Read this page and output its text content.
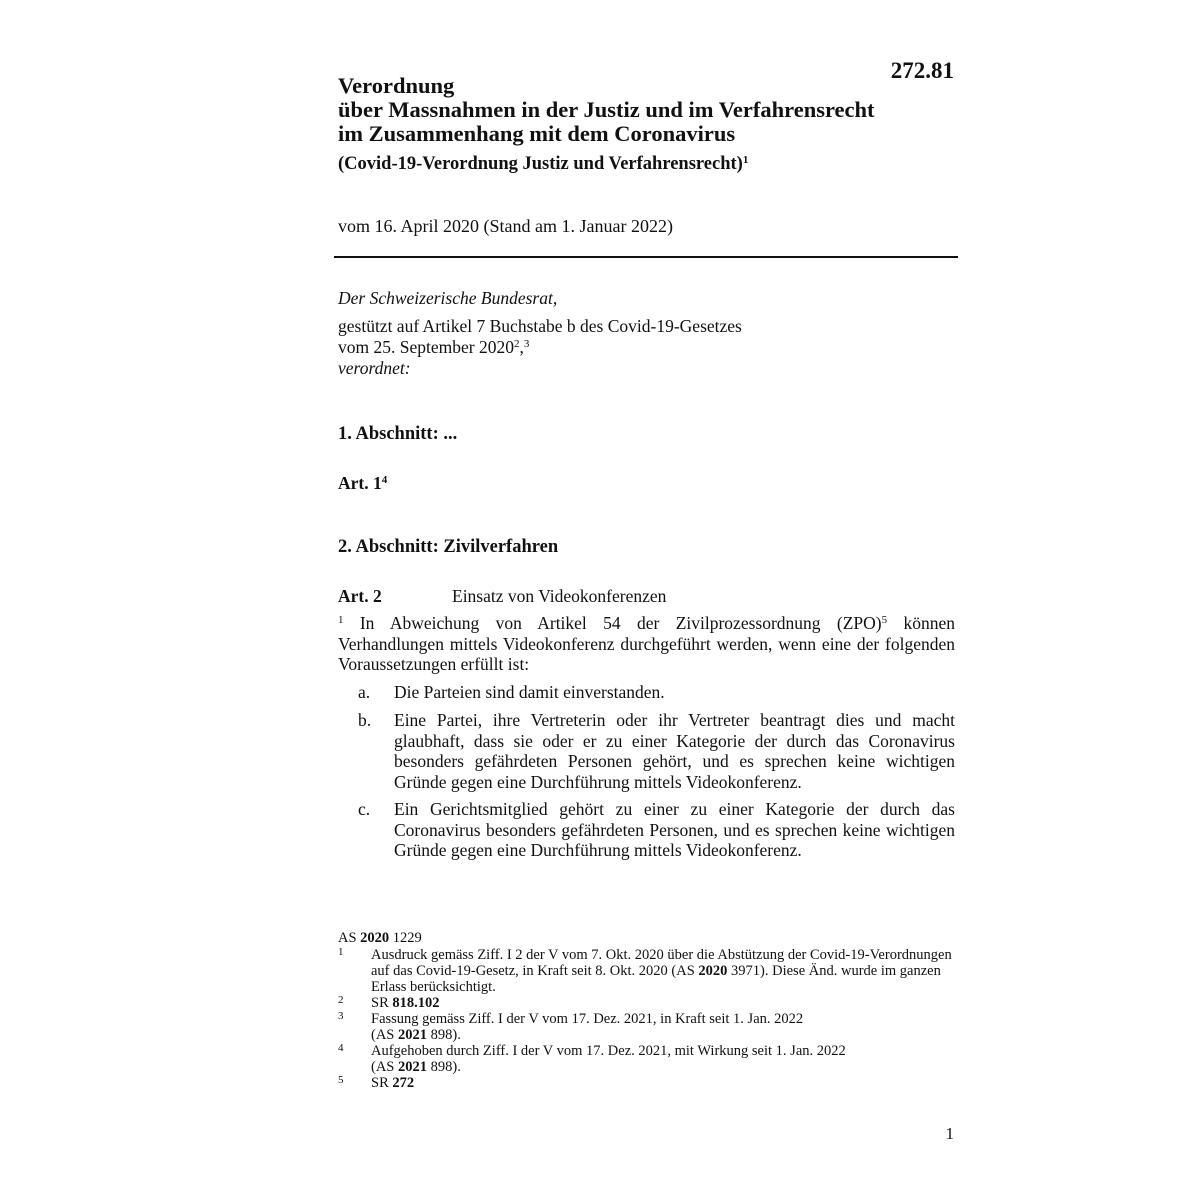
272.81
Verordnung
über Massnahmen in der Justiz und im Verfahrensrecht
im Zusammenhang mit dem Coronavirus
(Covid-19-Verordnung Justiz und Verfahrensrecht)$^1$
vom 16. April 2020 (Stand am 1. Januar 2022)
Der Schweizerische Bundesrat,
gestützt auf Artikel 7 Buchstabe b des Covid-19-Gesetzes
vom 25. September 2020$^2$,$^3$
verordnet:
1. Abschnitt: ...
Art. $1^4$
2. Abschnitt: Zivilverfahren
Art. 2	Einsatz von Videokonferenzen
$^1$ In Abweichung von Artikel 54 der Zivilprozessordnung (ZPO)$^5$ können Verhandlungen mittels Videokonferenz durchgeführt werden, wenn eine der folgenden Voraussetzungen erfüllt ist:
a. Die Parteien sind damit einverstanden.
b. Eine Partei, ihre Vertreterin oder ihr Vertreter beantragt dies und macht glaubhaft, dass sie oder er zu einer Kategorie der durch das Coronavirus besonders gefährdeten Personen gehört, und es sprechen keine wichtigen Gründe gegen eine Durchführung mittels Videokonferenz.
c. Ein Gerichtsmitglied gehört zu einer zu einer Kategorie der durch das Coronavirus besonders gefährdeten Personen, und es sprechen keine wichtigen Gründe gegen eine Durchführung mittels Videokonferenz.
AS 2020 1229
1 Ausdruck gemäss Ziff. I 2 der V vom 7. Okt. 2020 über die Abstützung der Covid-19-Verordnungen auf das Covid-19-Gesetz, in Kraft seit 8. Okt. 2020 (AS 2020 3971). Diese Änd. wurde im ganzen Erlass berücksichtigt.
2 SR 818.102
3 Fassung gemäss Ziff. I der V vom 17. Dez. 2021, in Kraft seit 1. Jan. 2022
(AS 2021 898).
4 Aufgehoben durch Ziff. I der V vom 17. Dez. 2021, mit Wirkung seit 1. Jan. 2022
(AS 2021 898).
5 SR 272
1
